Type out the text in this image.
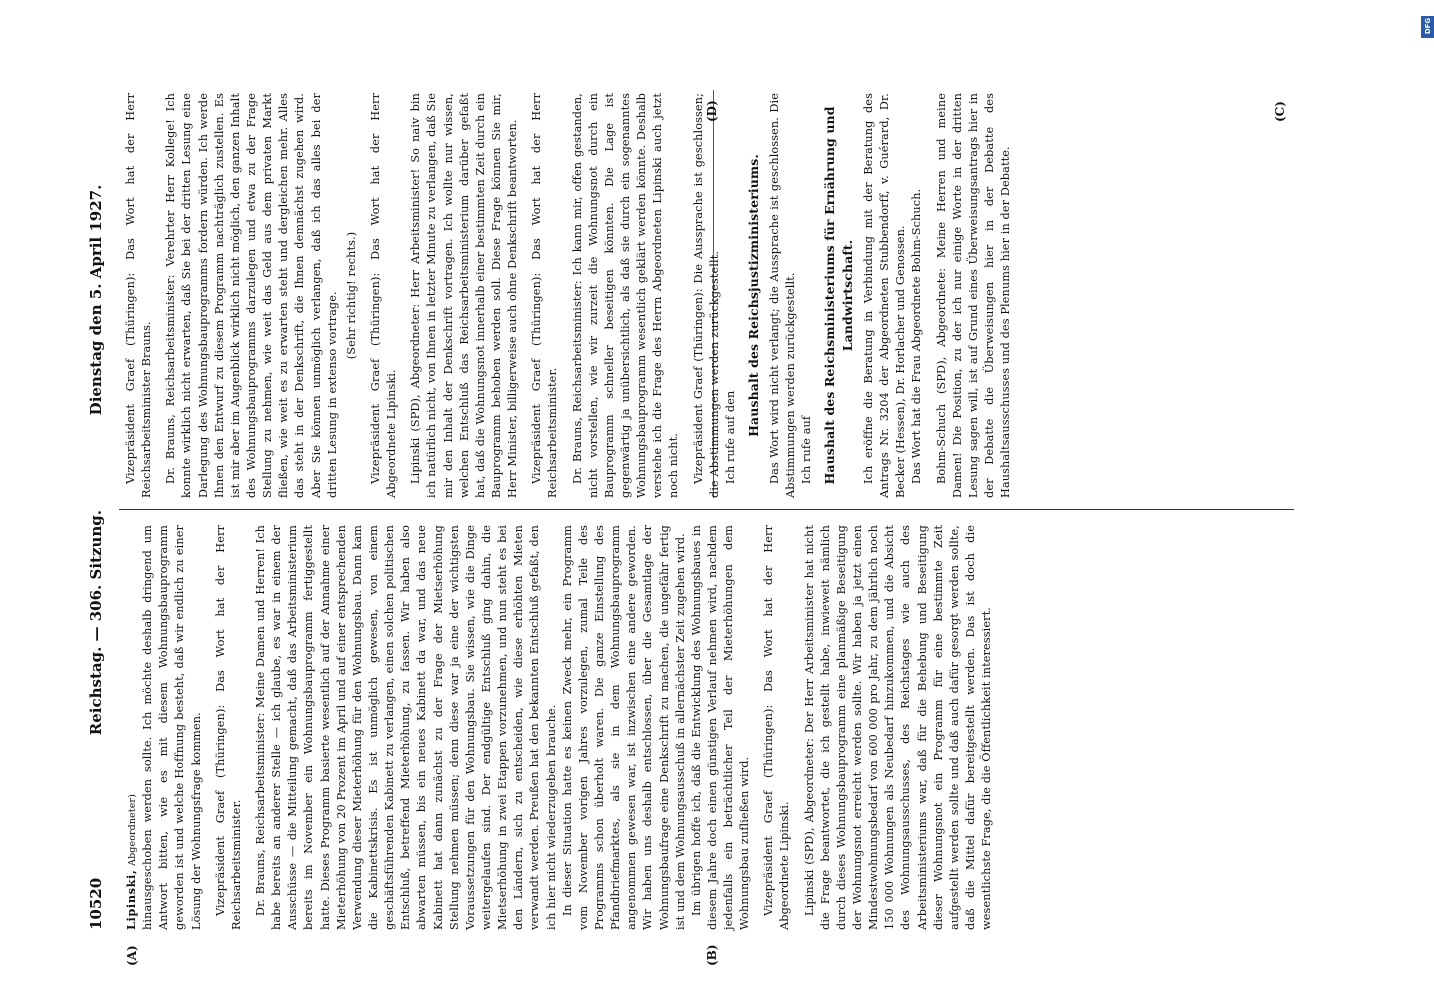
10520
Reichstag. — 306. Sitzung.
Dienstag den 5. April 1927.
(A)	(B)
(C)
(D)

Lipinski, Abgeordneter) hinausgeschoben werden sollte. Ich möchte deshalb dringend um Antwort bitten, wie es mit diesem Wohnungsbauprogramm geworden ist und welche Hoffnung besteht, daß wir endlich zu einer Lösung der Wohnungsfrage kommen. Vizepräsident Graef (Thüringen): Das Wort hat der Herr Reichsarbeitsminister. Dr. Brauns, Reichsarbeitsminister: Meine Damen und Herren! Ich habe bereits an anderer Stelle — ich glaube, es war in einem der Ausschüsse — die Mitteilung gemacht, daß das Arbeitsministerium bereits im November ein Wohnungsbauprogramm fertiggestellt hatte. Dieses Programm basierte wesentlich auf der Annahme einer Mieterhöhung von 20 Prozent im April und auf einer entsprechenden Verwendung dieser Mieterhöhung für den Wohnungsbau. Dann kam die Kabinettskrisis. Es ist unmöglich gewesen, von einem geschäftsführenden Kabinett zu verlangen, einen solchen politischen Entschluß, betreffend Mieterhöhung, zu fassen. Wir haben also abwarten müssen, bis ein neues Kabinett da war, und das neue Kabinett hat dann zunächst zu der Frage der Mietserhöhung Stellung nehmen müssen; denn diese war ja eine der wichtigsten Voraussetzungen für den Wohnungsbau. Sie wissen, wie die Dinge weitergelaufen sind. Der endgültige Entschluß ging dahin, die Mietserhöhung in zwei Etappen vorzunehmen, und nun steht es bei den Ländern, sich zu entscheiden, wie diese erhöhten Mieten verwandt werden. Preußen hat den bekannten Entschluß gefaßt, den ich hier nicht wiederzugeben brauche. In dieser Situation hatte es keinen Zweck mehr, ein Programm vom November vorigen Jahres vorzulegen, zumal Teile des Programms schon überholt waren. Die ganze Einstellung des Pfandbriefmarktes, als sie in dem Wohnungsbauprogramm angenommen gewesen war, ist inzwischen eine andere geworden. Wir haben uns deshalb entschlossen, über die Gesamtlage der Wohnungsbaufrage eine Denkschrift zu machen, die ungefähr fertig ist und dem Wohnungsausschuß in allernächster Zeit zugehen wird. Im übrigen hoffe ich, daß die Entwicklung des Wohnungsbaues in diesem Jahre doch einen günstigen Verlauf nehmen wird, nachdem jedenfalls ein beträchtlicher Teil der Mieterhöhungen dem Wohnungsbau zufließen wird. Vizepräsident Graef (Thüringen): Das Wort hat der Herr Abgeordnete Lipinski. Lipinski (SPD), Abgeordneter: Der Herr Arbeitsminister hat nicht die Frage beantwortet, die ich gestellt habe, inwieweit nämlich durch dieses Wohnungsbauprogramm eine planmäßige Beseitigung der Wohnungsnot erreicht werden sollte. Wir haben ja jetzt einen Mindestwohnungsbedarf von 600 000 pro Jahr, zu dem jährlich noch 150 000 Wohnungen als Neubedarf hinzukommen, und die Absicht des Wohnungsausschusses, des Reichstages wie auch des Arbeitsministeriums war, daß für die Behebung und Beseitigung dieser Wohnungsnot ein Programm für eine bestimmte Zeit aufgestellt werden sollte und daß auch dafür gesorgt werden sollte, daß die Mittel dafür bereitgestellt werden. Das ist doch die wesentlichste Frage, die die Öffentlichkeit interessiert.

Vizepräsident Graef (Thüringen): Das Wort hat der Herr Reichsarbeitsminister Brauns. Dr. Brauns, Reichsarbeitsminister: Verehrter Herr Kollege! Ich konnte wirklich nicht erwarten, daß Sie bei der dritten Lesung eine Darlegung des Wohnungsbauprogramms fordern würden. Ich werde Ihnen den Entwurf zu diesem Programm nachträglich zustellen. Es ist mir aber im Augenblick wirklich nicht möglich, den ganzen Inhalt des Wohnungsbauprogramms darzulegen und etwa zu der Frage Stellung zu nehmen, wie weit das Geld aus dem privaten Markt fließen, wie weit es zu erwarten steht und dergleichen mehr. Alles das steht in der Denkschrift, die Ihnen demnächst zugehen wird. Aber Sie können unmöglich verlangen, daß ich das alles bei der dritten Lesung in extenso vortrage. (Sehr richtig! rechts.) Vizepräsident Graef (Thüringen): Das Wort hat der Herr Abgeordnete Lipinski. Lipinski (SPD), Abgeordneter: Herr Arbeitsminister! So naiv bin ich natürlich nicht, von Ihnen in letzter Minute zu verlangen, daß Sie mir den Inhalt der Denkschrift vortragen. Ich wollte nur wissen, welchen Entschluß das Reichsarbeitsministerium darüber gefaßt hat, daß die Wohnungsnot innerhalb einer bestimmten Zeit durch ein Bauprogramm behoben werden soll. Diese Frage können Sie mir, Herr Minister, billigerweise auch ohne Denkschrift beantworten. Vizepräsident Graef (Thüringen): Das Wort hat der Herr Reichsarbeitsminister. Dr. Brauns, Reichsarbeitsminister: Ich kann mir, offen gestanden, nicht vorstellen, wie wir zurzeit die Wohnungsnot durch ein Bauprogramm schneller beseitigen könnten. Die Lage ist gegenwärtig ja unübersichtlich, als daß sie durch ein sogenanntes Wohnungsbauprogramm wesentlich geklärt werden könnte. Deshalb verstehe ich die Frage des Herrn Abgeordneten Lipinski auch jetzt noch nicht. Vizepräsident Graef (Thüringen): Die Aussprache ist geschlossen; die Abstimmungen werden zurückgestellt. Ich rufe auf den

Haushalt des Reichsjustizministeriums. Das Wort wird nicht verlangt; die Aussprache ist geschlossen. Die Abstimmungen werden zurückgestellt. Ich rufe auf Haushalt des Reichsministeriums für Ernährung und Landwirtschaft. Ich eröffne die Beratung in Verbindung mit der Beratung des Antrags Nr. 3204 der Abgeordneten Stubbendorff, v. Guérard, Dr. Becker (Hessen), Dr. Horlacher und Genossen. Das Wort hat die Frau Abgeordnete Bohm-Schuch. Bohm-Schuch (SPD), Abgeordnete: Meine Herren und meine Damen! Die Position, zu der ich nur einige Worte in der dritten Lesung sagen will, ist auf Grund eines Überweisungsantrags hier in der Debatte die Überweisungen hier in der Debatte des Haushaltsausschusses und des Plenums hier in der Debatte.

DFG
